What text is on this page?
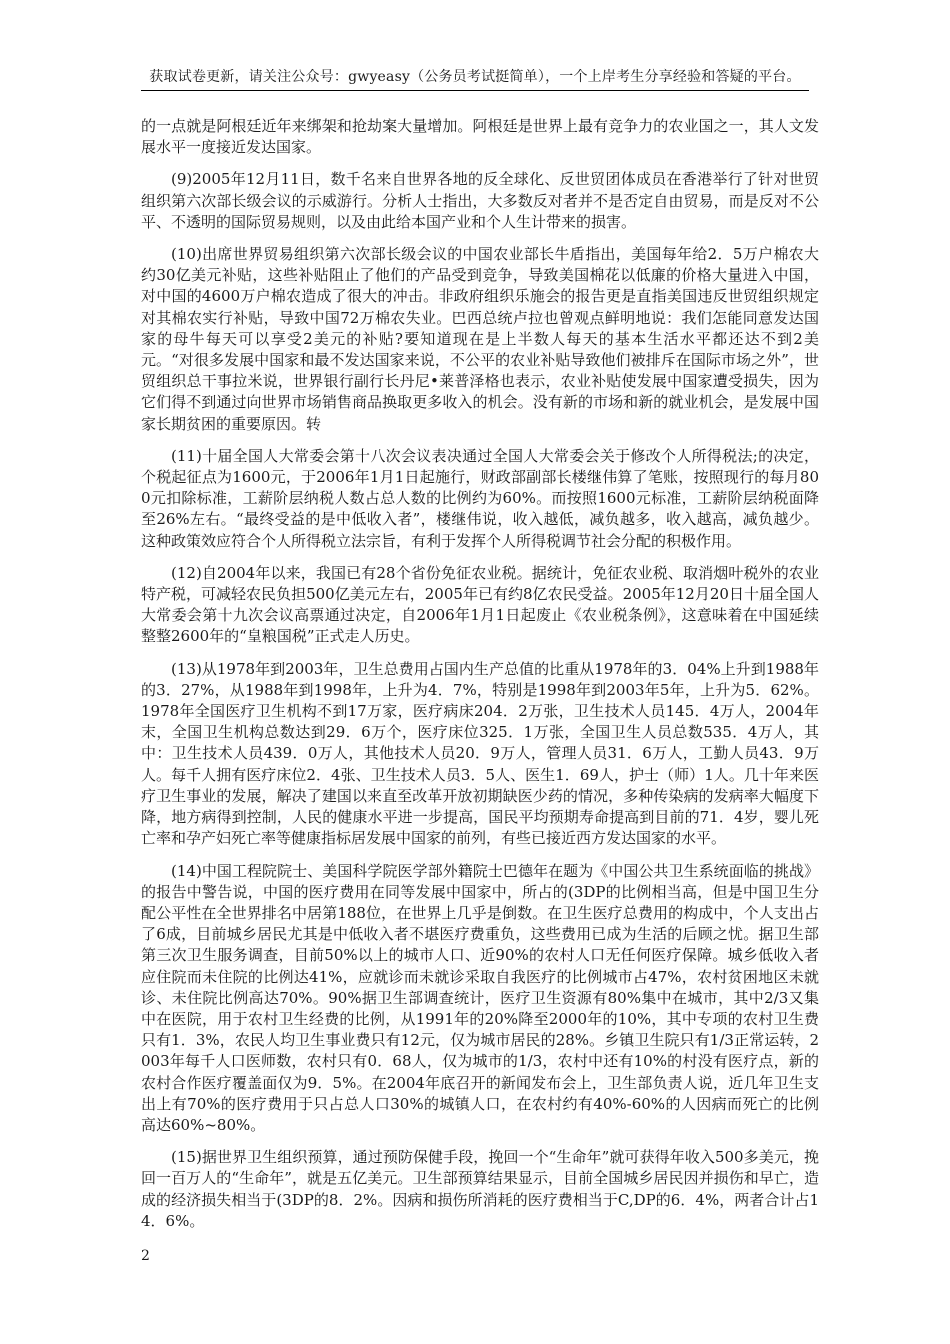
获取试卷更新，请关注公众号：gwyeasy（公务员考试挺简单），一个上岸考生分享经验和答疑的平台。

的一点就是阿根廷近年来绑架和抢劫案大量增加。阿根廷是世界上最有竞争力的农业国之一，其人文发展水平一度接近发达国家。

(9)2005年12月11日，数千名来自世界各地的反全球化、反世贸团体成员在香港举行了针对世贸组织第六次部长级会议的示威游行。分析人士指出，大多数反对者并不是否定自由贸易，而是反对不公平、不透明的国际贸易规则，以及由此给本国产业和个人生计带来的损害。

(10)出席世界贸易组织第六次部长级会议的中国农业部长牛盾指出，美国每年给2．5万户棉农大约30亿美元补贴，这些补贴阻止了他们的产品受到竞争，导致美国棉花以低廉的价格大量进入中国，对中国的4600万户棉农造成了很大的冲击。非政府组织乐施会的报告更是直指美国违反世贸组织规定对其棉农实行补贴，导致中国72万棉农失业。巴西总统卢拉也曾观点鲜明地说：我们怎能同意发达国家的母牛每天可以享受2美元的补贴?要知道现在是上半数人每天的基本生活水平都还达不到2美元。“对很多发展中国家和最不发达国家来说，不公平的农业补贴导致他们被排斥在国际市场之外”，世贸组织总干事拉米说，世界银行副行长丹尼•莱普泽格也表示，农业补贴使发展中国家遭受损失，因为它们得不到通过向世界市场销售商品换取更多收入的机会。没有新的市场和新的就业机会，是发展中国家长期贫困的重要原因。转

(11)十届全国人大常委会第十八次会议表决通过全国人大常委会关于修改个人所得税法;的决定，个税起征点为1600元，于2006年1月1日起施行，财政部副部长楼继伟算了笔账，按照现行的每月800元扣除标准，工薪阶层纳税人数占总人数的比例约为60%。而按照1600元标准，工薪阶层纳税面降至26%左右。“最终受益的是中低收入者”，楼继伟说，收入越低，减负越多，收入越高，减负越少。这种政策效应符合个人所得税立法宗旨，有利于发挥个人所得税调节社会分配的积极作用。

(12)自2004年以来，我国已有28个省份免征农业税。据统计，免征农业税、取消烟叶税外的农业特产税，可减轻农民负担500亿美元左右，2005年已有约8亿农民受益。2005年12月20日十届全国人大常委会第十九次会议高票通过决定，自2006年1月1日起废止《农业税条例》，这意味着在中国延续整整2600年的“皇粮国税”正式走人历史。

(13)从1978年到2003年，卫生总费用占国内生产总值的比重从1978年的3．04%上升到1988年的3．27%，从1988年到1998年，上升为4．7%，特别是1998年到2003年5年，上升为5．62%。1978年全国医疗卫生机构不到17万家，医疗病床204．2万张，卫生技术人员145．4万人，2004年末，全国卫生机构总数达到29．6万个，医疗床位325．1万张，全国卫生人员总数535．4万人，其中：卫生技术人员439．0万人，其他技术人员20．9万人，管理人员31．6万人，工勤人员43．9万人。每千人拥有医疗床位2．4张、卫生技术人员3．5人、医生1．69人，护士（师）1人。几十年来医疗卫生事业的发展，解决了建国以来直至改革开放初期缺医少药的情况，多种传染病的发病率大幅度下降，地方病得到控制，人民的健康水平进一步提高，国民平均预期寿命提高到目前的71．4岁，婴儿死亡率和孕产妇死亡率等健康指标居发展中国家的前列，有些已接近西方发达国家的水平。

(14)中国工程院院士、美国科学院医学部外籍院士巴德年在题为《中国公共卫生系统面临的挑战》的报告中警告说，中国的医疗费用在同等发展中国家中，所占的(3DP的比例相当高，但是中国卫生分配公平性在全世界排名中居第188位，在世界上几乎是倒数。在卫生医疗总费用的构成中，个人支出占了6成，目前城乡居民尤其是中低收入者不堪医疗费重负，这些费用已成为生活的后顾之忧。据卫生部第三次卫生服务调查，目前50%以上的城市人口、近90%的农村人口无任何医疗保障。城乡低收入者应住院而未住院的比例达41%，应就诊而未就诊采取自我医疗的比例城市占47%，农村贫困地区未就诊、未住院比例高达70%。90%据卫生部调查统计，医疗卫生资源有80%集中在城市，其中2/3又集中在医院，用于农村卫生经费的比例，从1991年的20%降至2000年的10%，其中专项的农村卫生费只有1．3%，农民人均卫生事业费只有12元，仅为城市居民的28%。乡镇卫生院只有1/3正常运转，2003年每千人口医师数，农村只有0．68人，仅为城市的1/3，农村中还有10%的村没有医疗点，新的农村合作医疗覆盖面仅为9．5%。在2004年底召开的新闻发布会上，卫生部负责人说，近几年卫生支出上有70%的医疗费用于只占总人口30%的城镇人口，在农村约有40%-60%的人因病而死亡的比例高达60%~80%。

(15)据世界卫生组织预算，通过预防保健手段，挽回一个“生命年”就可获得年收入500多美元，挽回一百万人的“生命年”，就是五亿美元。卫生部预算结果显示，目前全国城乡居民因并损伤和早亡，造成的经济损失相当于(3DP的8．2%。因病和损伤所消耗的医疗费相当于C,DP的6．4%，两者合计占14．6%。

2
